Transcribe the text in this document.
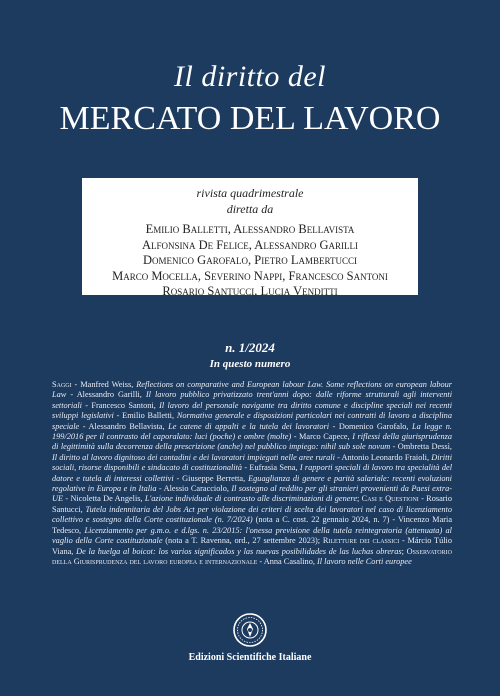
Il diritto del
MERCATO DEL LAVORO
rivista quadrimestrale
diretta da
Emilio Balletti, Alessandro Bellavista
Alfonsina De Felice, Alessandro Garilli
Domenico Garofalo, Pietro Lambertucci
Marco Mocella, Severino Nappi, Francesco Santoni
Rosario Santucci, Lucia Venditti
n. 1/2024
In questo numero
Saggi - Manfred Weiss, Reflections on comparative and European labour Law. Some reflections on european labour Law - Alessandro Garilli, Il lavoro pubblico privatizzato trent'anni dopo: dalle riforme strutturali agli interventi settoriali - Francesco Santoni, Il lavoro del personale navigante tra diritto comune e discipline speciali nei recenti sviluppi legislativi - Emilio Balletti, Normativa generale e disposizioni particolari nei contratti di lavoro a disciplina speciale - Alessandro Bellavista, Le catene di appalti e la tutela dei lavoratori - Domenico Garofalo, La legge n. 199/2016 per il contrasto del caporalato: luci (poche) e ombre (molte) - Marco Capece, I riflessi della giurisprudenza di legittimità sulla decorrenza della prescrizione (anche) nel pubblico impiego: nihil sub sole novum - Ombretta Dessì, Il diritto al lavoro dignitoso dei contadini e dei lavoratori impiegati nelle aree rurali - Antonio Leonardo Fraioli, Diritti sociali, risorse disponibili e sindacato di costituzionalità - Eufrasia Sena, I rapporti speciali di lavoro tra specialità del datore e tutela di interessi collettivi - Giuseppe Berretta, Eguaglianza di genere e parità salariale: recenti evoluzioni regolative in Europa e in Italia - Alessio Caracciolo, Il sostegno al reddito per gli stranieri provenienti da Paesi extra-UE - Nicoletta De Angelis, L'azione individuale di contrasto alle discriminazioni di genere; Casi e Questioni - Rosario Santucci, Tutela indennitaria del Jobs Act per violazione dei criteri di scelta dei lavoratori nel caso di licenziamento collettivo e sostegno della Corte costituzionale (n. 7/2024) (nota a C. cost. 22 gennaio 2024, n. 7) - Vincenzo Maria Tedesco, Licenziamento per g.m.o. e d.lgs. n. 23/2015: l'onessa previsione della tutela reintegratoria (attenuata) al vaglio della Corte costituzionale (nota a T. Ravenna, ord., 27 settembre 2023); Riletture dei classici - Márcio Túlio Viana, De la huelga al boicot: los varios significados y las nuevas posibilidades de las luchas obreras; Osservatorio della Giurisprudenza del lavoro europea e internazionale - Anna Casalino, Il lavoro nelle Corti europee
Edizioni Scientifiche Italiane
